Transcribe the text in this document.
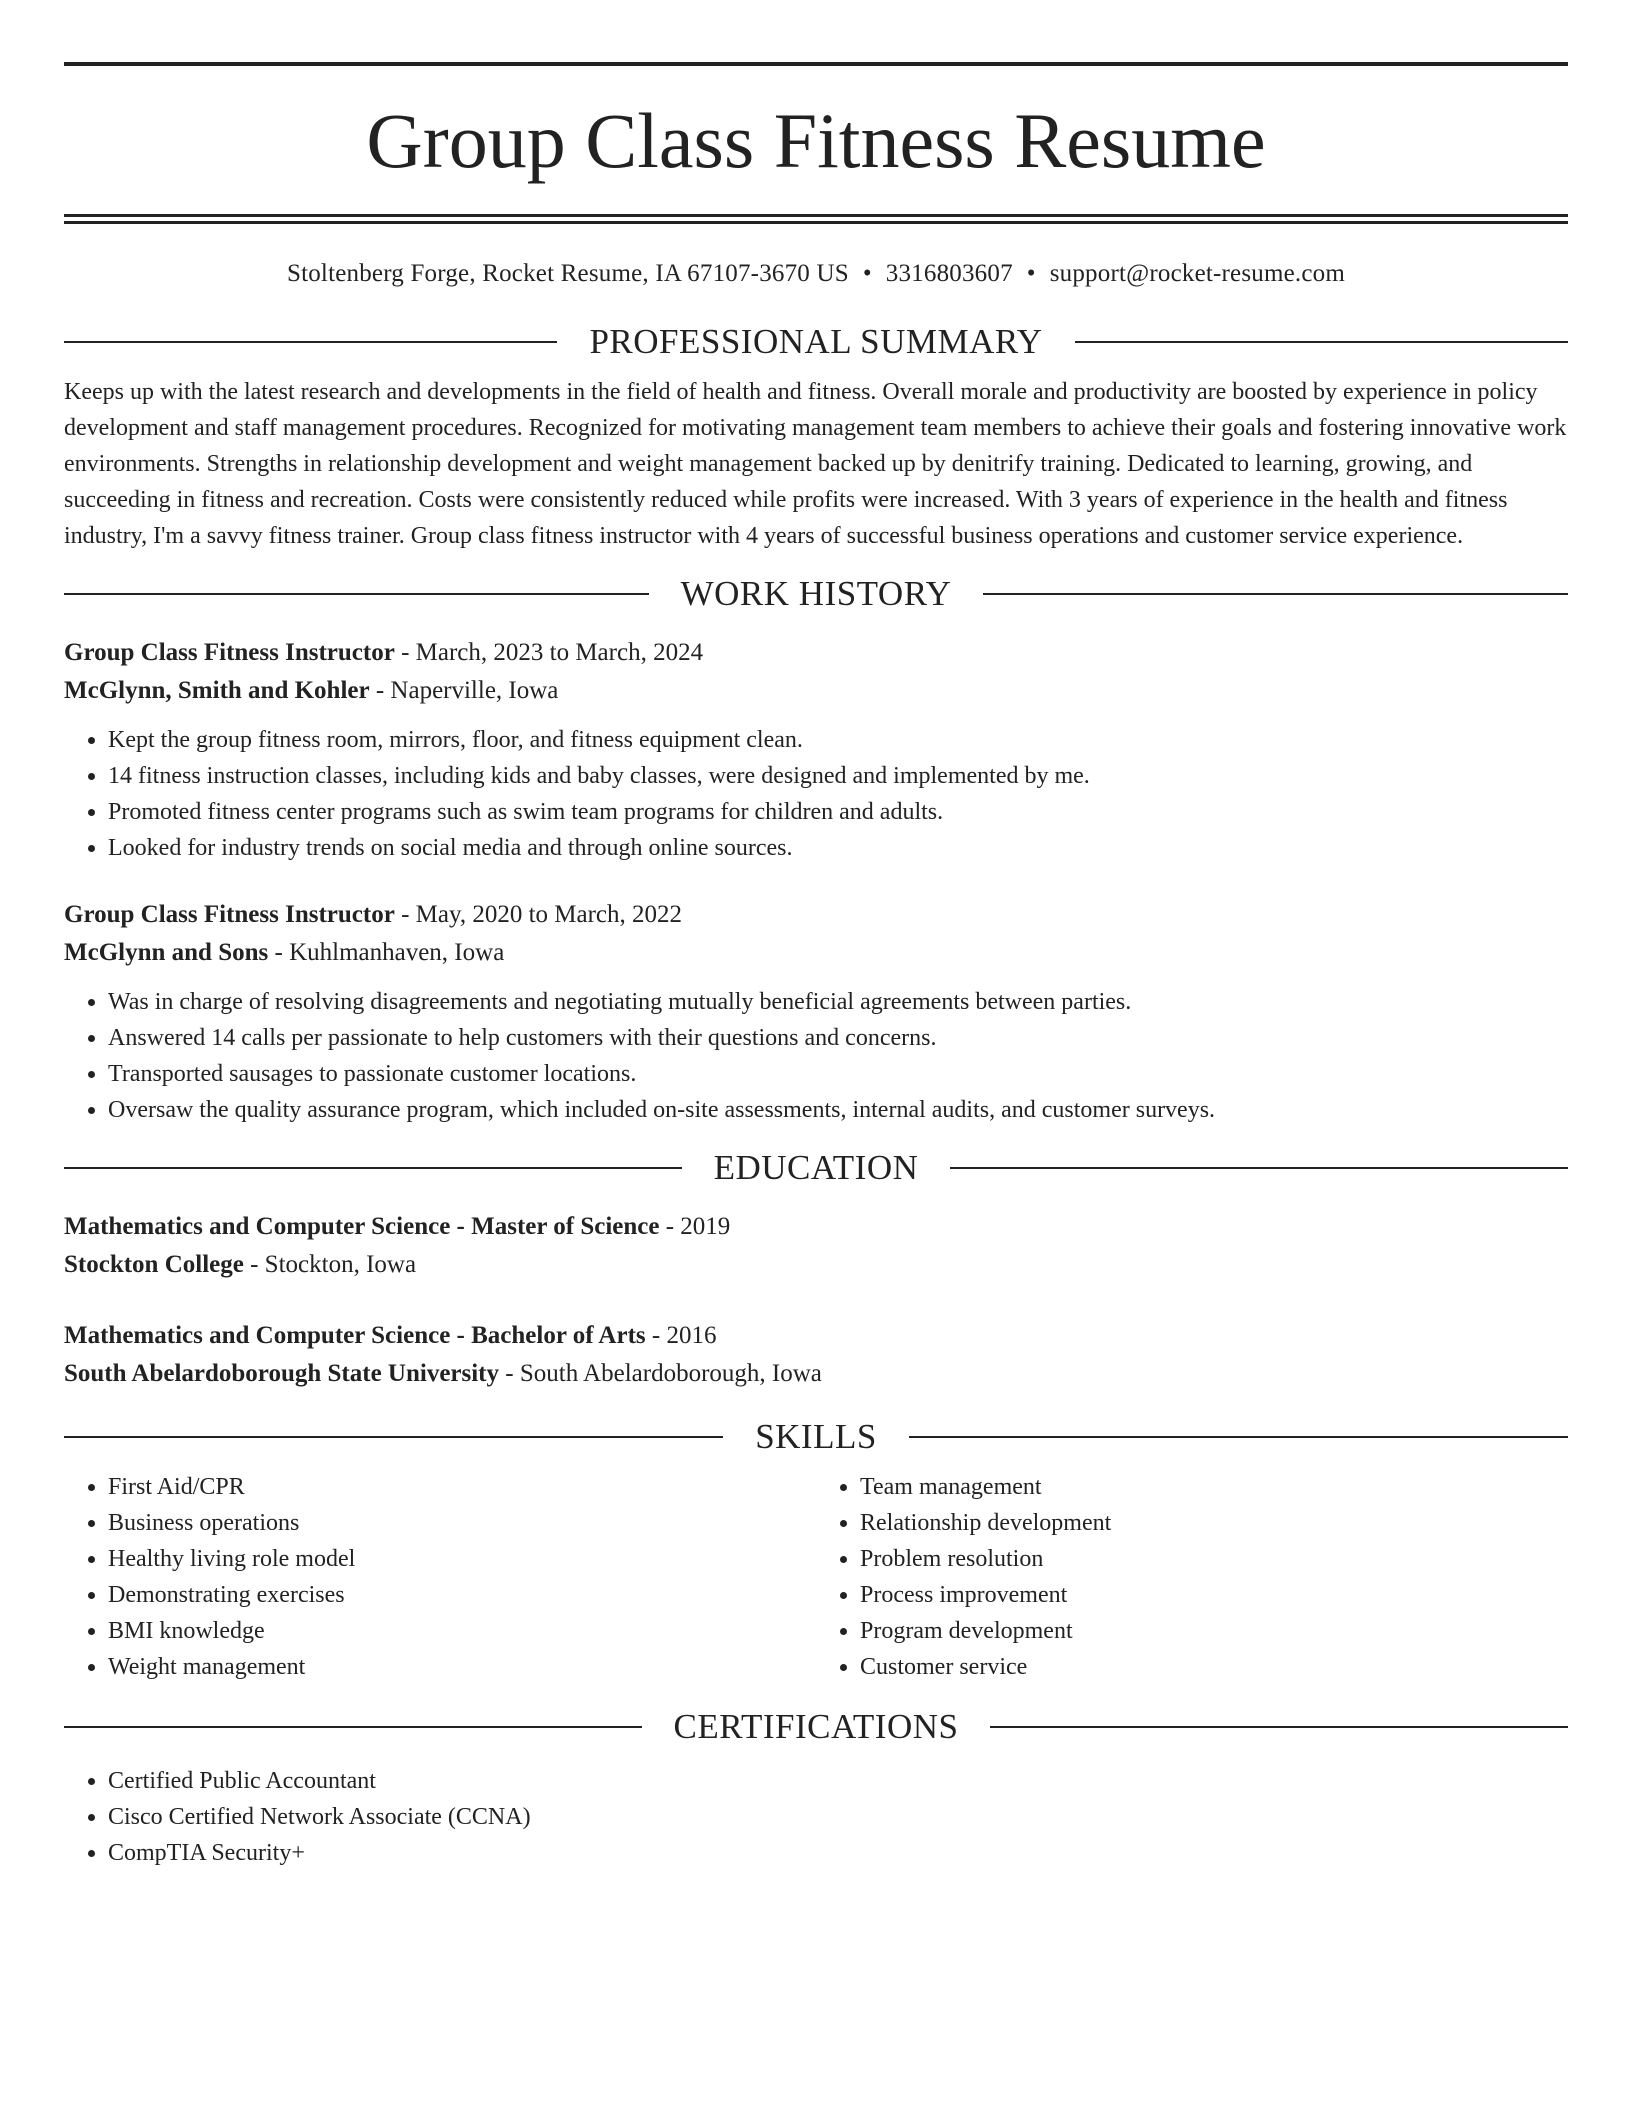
Group Class Fitness Resume
Stoltenberg Forge, Rocket Resume, IA 67107-3670 US • 3316803607 • support@rocket-resume.com
PROFESSIONAL SUMMARY
Keeps up with the latest research and developments in the field of health and fitness. Overall morale and productivity are boosted by experience in policy development and staff management procedures. Recognized for motivating management team members to achieve their goals and fostering innovative work environments. Strengths in relationship development and weight management backed up by denitrify training. Dedicated to learning, growing, and succeeding in fitness and recreation. Costs were consistently reduced while profits were increased. With 3 years of experience in the health and fitness industry, I'm a savvy fitness trainer. Group class fitness instructor with 4 years of successful business operations and customer service experience.
WORK HISTORY
Group Class Fitness Instructor - March, 2023 to March, 2024
McGlynn, Smith and Kohler - Naperville, Iowa
• Kept the group fitness room, mirrors, floor, and fitness equipment clean.
• 14 fitness instruction classes, including kids and baby classes, were designed and implemented by me.
• Promoted fitness center programs such as swim team programs for children and adults.
• Looked for industry trends on social media and through online sources.
Group Class Fitness Instructor - May, 2020 to March, 2022
McGlynn and Sons - Kuhlmanhaven, Iowa
• Was in charge of resolving disagreements and negotiating mutually beneficial agreements between parties.
• Answered 14 calls per passionate to help customers with their questions and concerns.
• Transported sausages to passionate customer locations.
• Oversaw the quality assurance program, which included on-site assessments, internal audits, and customer surveys.
EDUCATION
Mathematics and Computer Science - Master of Science - 2019
Stockton College - Stockton, Iowa
Mathematics and Computer Science - Bachelor of Arts - 2016
South Abelardoborough State University - South Abelardoborough, Iowa
SKILLS
• First Aid/CPR
• Business operations
• Healthy living role model
• Demonstrating exercises
• BMI knowledge
• Weight management
• Team management
• Relationship development
• Problem resolution
• Process improvement
• Program development
• Customer service
CERTIFICATIONS
• Certified Public Accountant
• Cisco Certified Network Associate (CCNA)
• CompTIA Security+
